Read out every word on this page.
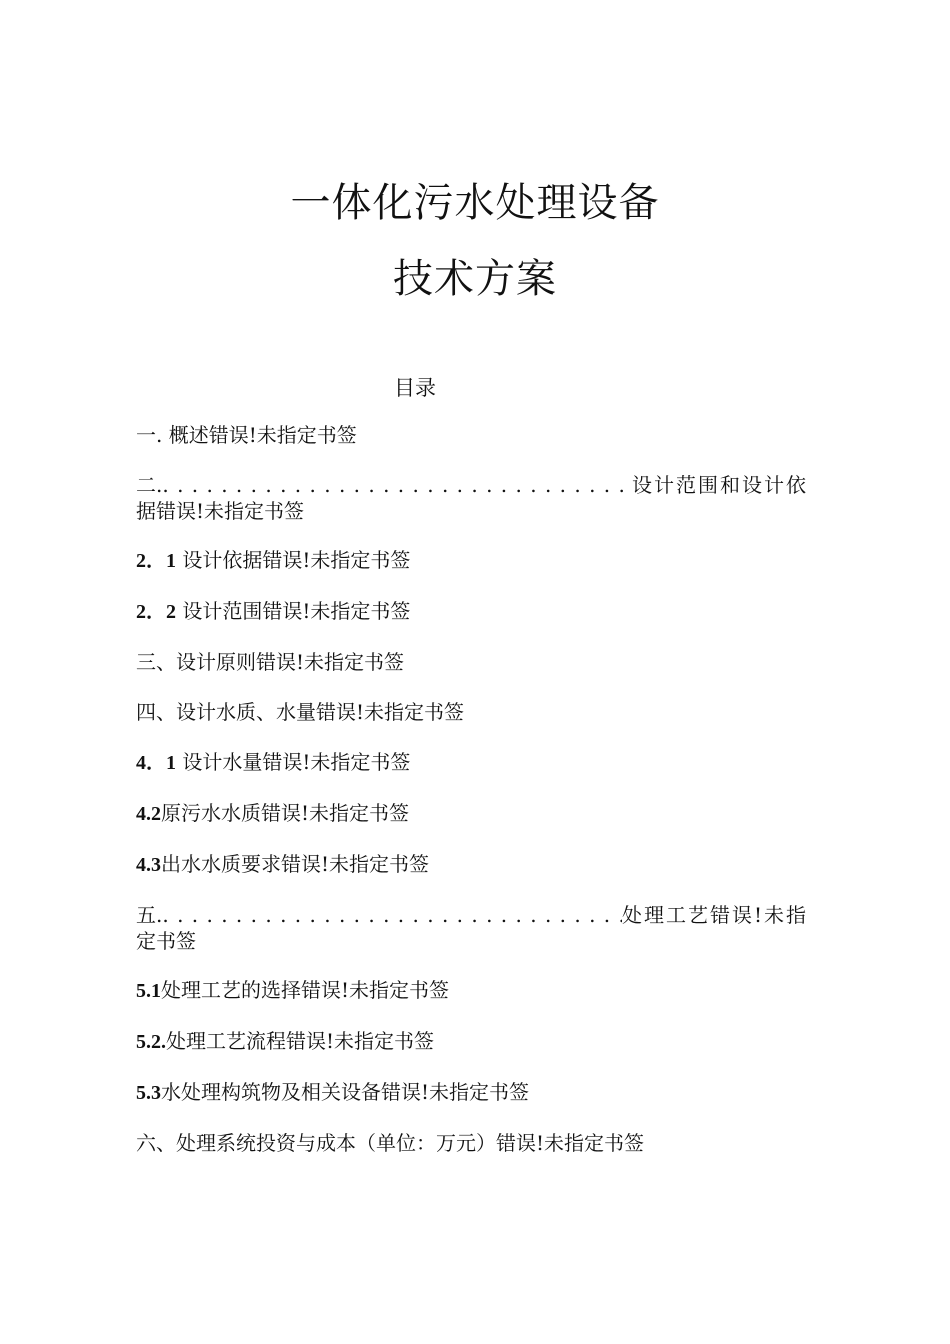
一体化污水处理设备
技术方案
目录
一. 概述错误!未指定书签
二. . . .	设计范围和设计依
据错误!未指定书签
2．1 设计依据错误!未指定书签
2．2 设计范围错误!未指定书签
三、设计原则错误!未指定书签
四、设计水质、水量错误!未指定书签
4．1 设计水量错误!未指定书签
4.2原污水水质错误!未指定书签
4.3出水水质要求错误!未指定书签
五. . . .	处理工艺错误!未指
定书签
5.1处理工艺的选择错误!未指定书签
5.2.处理工艺流程错误!未指定书签
5.3水处理构筑物及相关设备错误!未指定书签
六、处理系统投资与成本（单位：万元）错误!未指定书签
